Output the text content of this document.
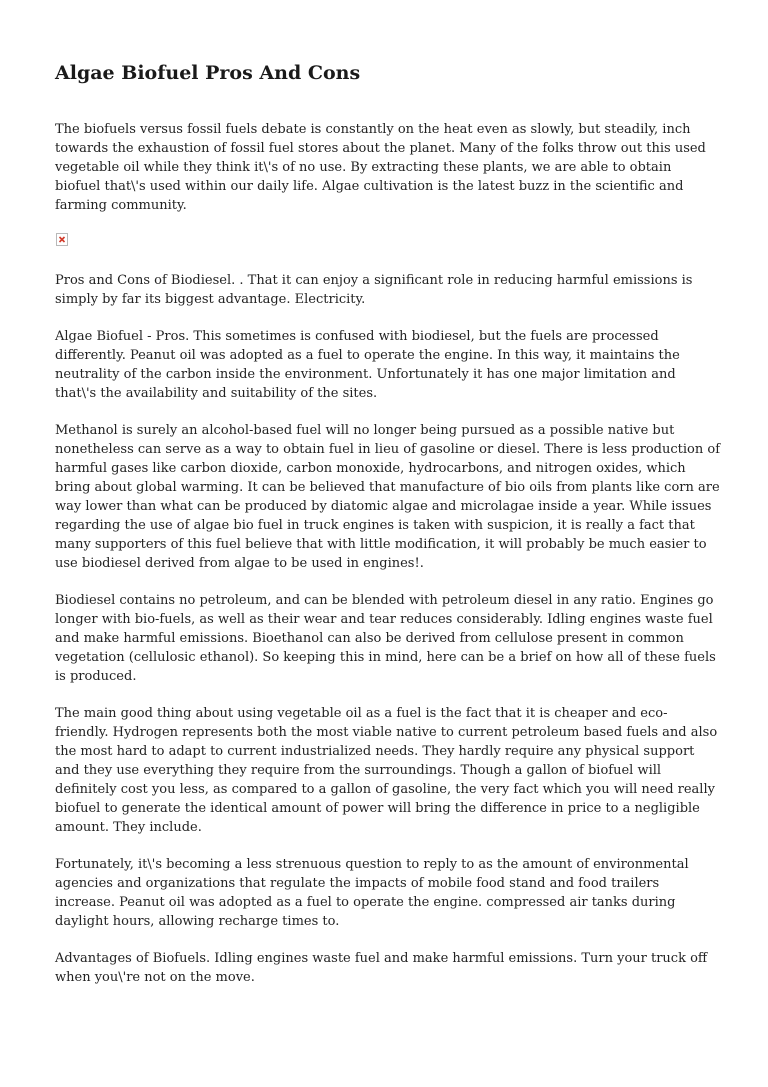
Algae Biofuel Pros And Cons

The biofuels versus fossil fuels debate is constantly on the heat even as slowly, but steadily, inch towards the exhaustion of fossil fuel stores about the planet. Many of the folks throw out this used vegetable oil while they think it\'s of no use. By extracting these plants, we are able to obtain biofuel that\'s used within our daily life. Algae cultivation is the latest buzz in the scientific and farming community.

Pros and Cons of Biodiesel. . That it can enjoy a significant role in reducing harmful emissions is simply by far its biggest advantage. Electricity.

Algae Biofuel - Pros. This sometimes is confused with biodiesel, but the fuels are processed differently. Peanut oil was adopted as a fuel to operate the engine. In this way, it maintains the neutrality of the carbon inside the environment. Unfortunately it has one major limitation and that\'s the availability and suitability of the sites.

Methanol is surely an alcohol-based fuel will no longer being pursued as a possible native but nonetheless can serve as a way to obtain fuel in lieu of gasoline or diesel. There is less production of harmful gases like carbon dioxide, carbon monoxide, hydrocarbons, and nitrogen oxides, which bring about global warming. It can be believed that manufacture of bio oils from plants like corn are way lower than what can be produced by diatomic algae and microlagae inside a year. While issues regarding the use of algae bio fuel in truck engines is taken with suspicion, it is really a fact that many supporters of this fuel believe that with little modification, it will probably be much easier to use biodiesel derived from algae to be used in engines!.

Biodiesel contains no petroleum, and can be blended with petroleum diesel in any ratio. Engines go longer with bio-fuels, as well as their wear and tear reduces considerably. Idling engines waste fuel and make harmful emissions. Bioethanol can also be derived from cellulose present in common vegetation (cellulosic ethanol). So keeping this in mind, here can be a brief on how all of these fuels is produced.

The main good thing about using vegetable oil as a fuel is the fact that it is cheaper and eco-friendly. Hydrogen represents both the most viable native to current petroleum based fuels and also the most hard to adapt to current industrialized needs. They hardly require any physical support and they use everything they require from the surroundings. Though a gallon of biofuel will definitely cost you less, as compared to a gallon of gasoline, the very fact which you will need really biofuel to generate the identical amount of power will bring the difference in price to a negligible amount. They include.

Fortunately, it\'s becoming a less strenuous question to reply to as the amount of environmental agencies and organizations that regulate the impacts of mobile food stand and food trailers increase. Peanut oil was adopted as a fuel to operate the engine. compressed air tanks during daylight hours, allowing recharge times to.

Advantages of Biofuels. Idling engines waste fuel and make harmful emissions. Turn your truck off when you\'re not on the move.
